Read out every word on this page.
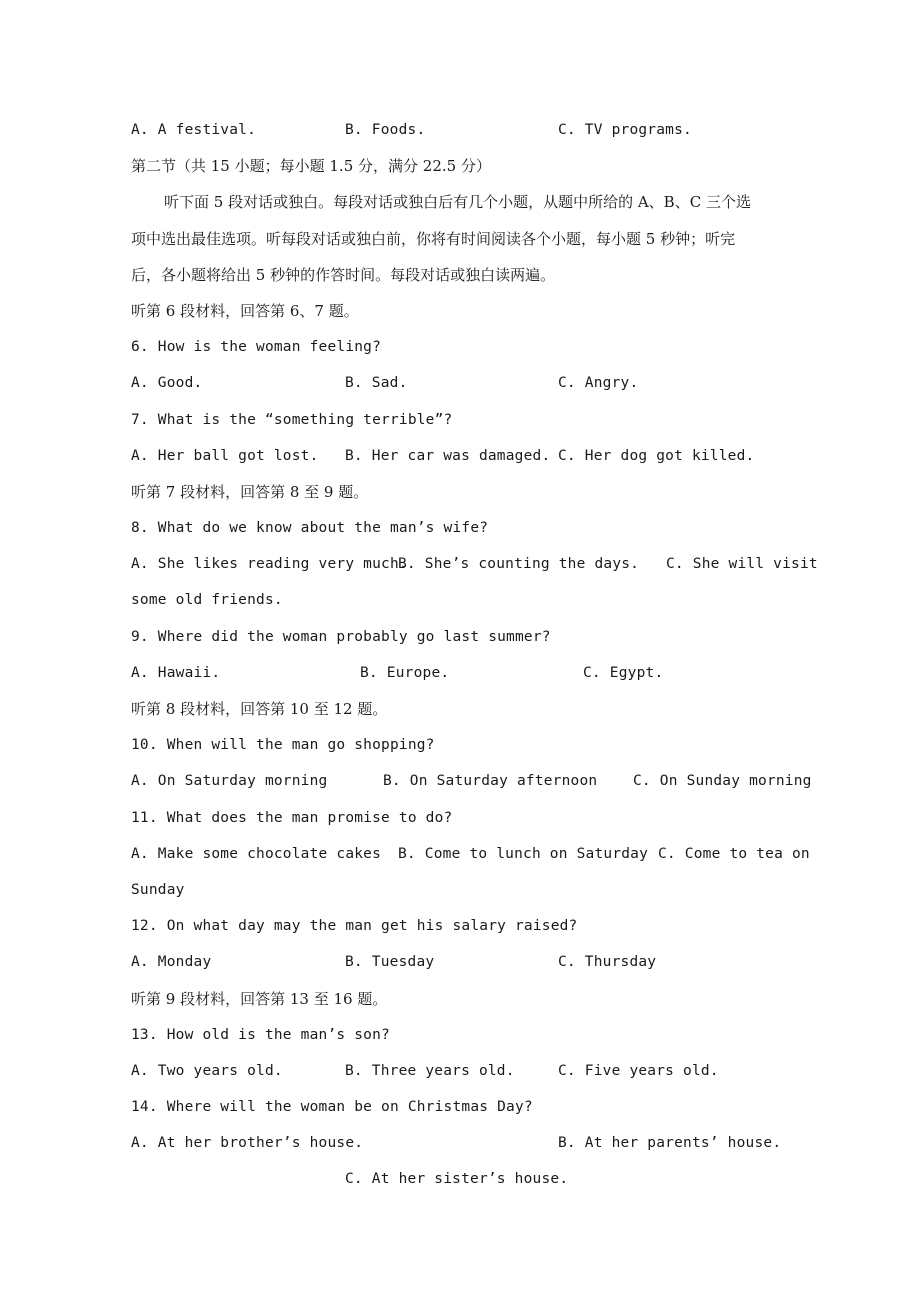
A. A festival.	B. Foods.	C. TV programs.
第二节（共 15 小题；每小题 1.5 分，满分 22.5 分）
听下面 5 段对话或独白。每段对话或独白后有几个小题，从题中所给的 A、B、C 三个选
项中选出最佳选项。听每段对话或独白前，你将有时间阅读各个小题，每小题 5 秒钟；听完
后，各小题将给出 5 秒钟的作答时间。每段对话或独白读两遍。
听第 6 段材料，回答第 6、7 题。
6. How is the woman feeling?
A. Good.	B. Sad.	C. Angry.
7. What is the “something terrible”?
A. Her ball got lost. B. Her car was damaged. C. Her dog got killed.
听第 7 段材料，回答第 8 至 9 题。
8. What do we know about the man’s wife?
A. She likes reading very much.
B. She’s counting the days. C. She will visit
some old friends.
9. Where did the woman probably go last summer?
A. Hawaii.	B. Europe.	C. Egypt.
听第 8 段材料，回答第 10 至 12 题。
10. When will the man go shopping?
A. On Saturday morning	B. On Saturday afternoon C. On Sunday morning
11. What does the man promise to do?
A. Make some chocolate cakes B. Come to lunch on Saturday C. Come to tea on
Sunday
12. On what day may the man get his salary raised?
A. Monday	B. Tuesday	C. Thursday
听第 9 段材料，回答第 13 至 16 题。
13. How old is the man’s son?
A. Two years old.	B. Three years old.	C. Five years old.
14. Where will the woman be on Christmas Day?
A. At her brother’s house.	B. At her parents’ house.
C. At her sister’s house.
